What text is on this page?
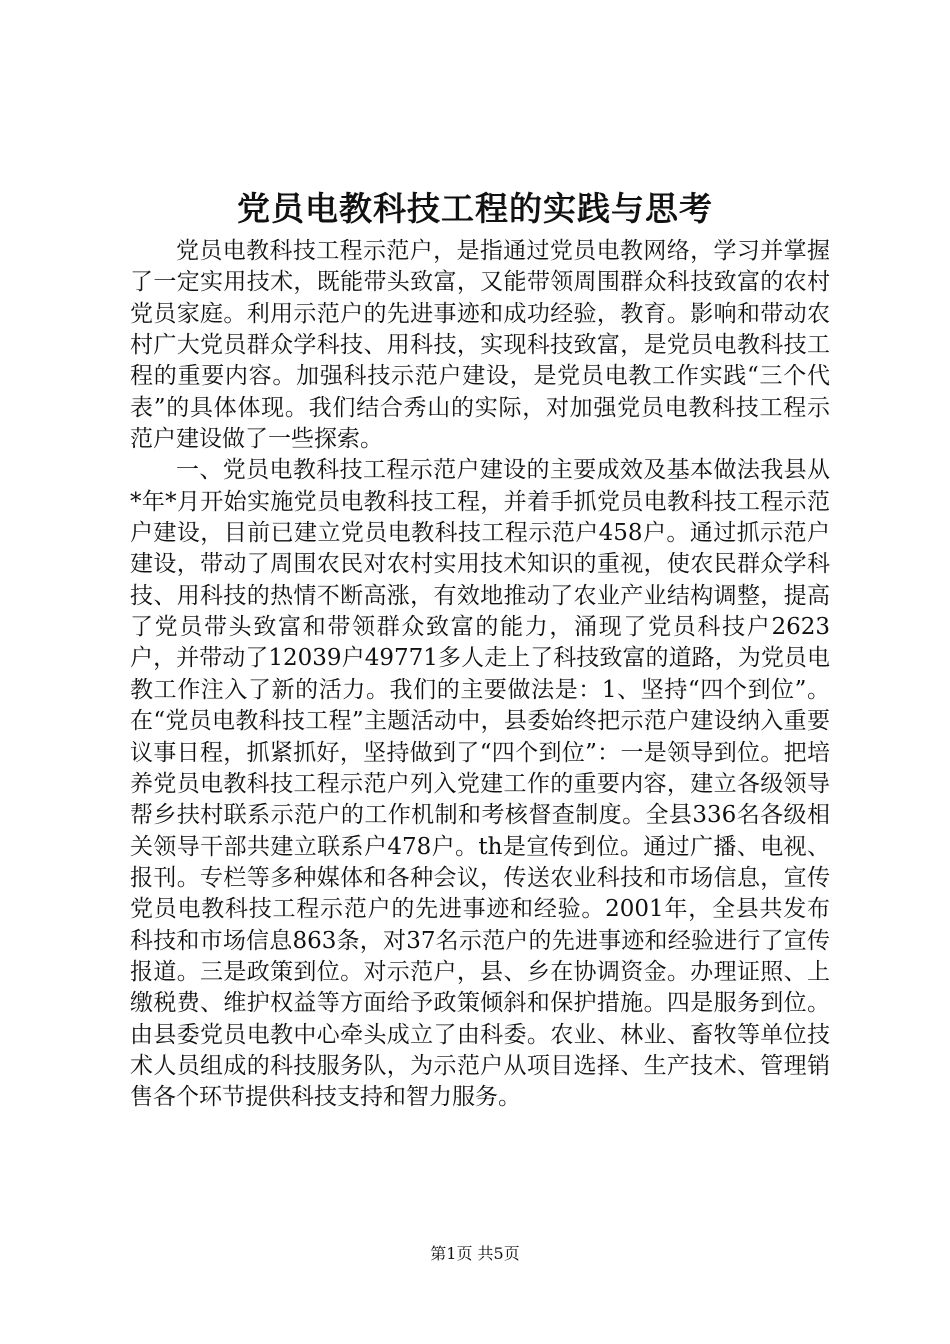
党员电教科技工程的实践与思考

党员电教科技工程示范户，是指通过党员电教网络，学习并掌握了一定实用技术，既能带头致富，又能带领周围群众科技致富的农村党员家庭。利用示范户的先进事迹和成功经验，教育。影响和带动农村广大党员群众学科技、用科技，实现科技致富，是党员电教科技工程的重要内容。加强科技示范户建设，是党员电教工作实践“三个代表”的具体体现。我们结合秀山的实际，对加强党员电教科技工程示范户建设做了一些探索。

一、党员电教科技工程示范户建设的主要成效及基本做法我县从*年*月开始实施党员电教科技工程，并着手抓党员电教科技工程示范户建设，目前已建立党员电教科技工程示范户458户。通过抓示范户建设，带动了周围农民对农村实用技术知识的重视，使农民群众学科技、用科技的热情不断高涨，有效地推动了农业产业结构调整，提高了党员带头致富和带领群众致富的能力，涌现了党员科技户2623户，并带动了12039户49771多人走上了科技致富的道路，为党员电教工作注入了新的活力。我们的主要做法是：1、坚持“四个到位”。在“党员电教科技工程”主题活动中，县委始终把示范户建设纳入重要议事日程，抓紧抓好，坚持做到了“四个到位”：一是领导到位。把培养党员电教科技工程示范户列入党建工作的重要内容，建立各级领导帮乡扶村联系示范户的工作机制和考核督查制度。全县336名各级相关领导干部共建立联系户478户。th是宣传到位。通过广播、电视、报刊。专栏等多种媒体和各种会议，传送农业科技和市场信息，宣传党员电教科技工程示范户的先进事迹和经验。2001年，全县共发布科技和市场信息863条，对37名示范户的先进事迹和经验进行了宣传报道。三是政策到位。对示范户，县、乡在协调资金。办理证照、上缴税费、维护权益等方面给予政策倾斜和保护措施。四是服务到位。由县委党员电教中心牵头成立了由科委。农业、林业、畜牧等单位技术人员组成的科技服务队，为示范户从项目选择、生产技术、管理销售各个环节提供科技支持和智力服务。

第1页 共5页
